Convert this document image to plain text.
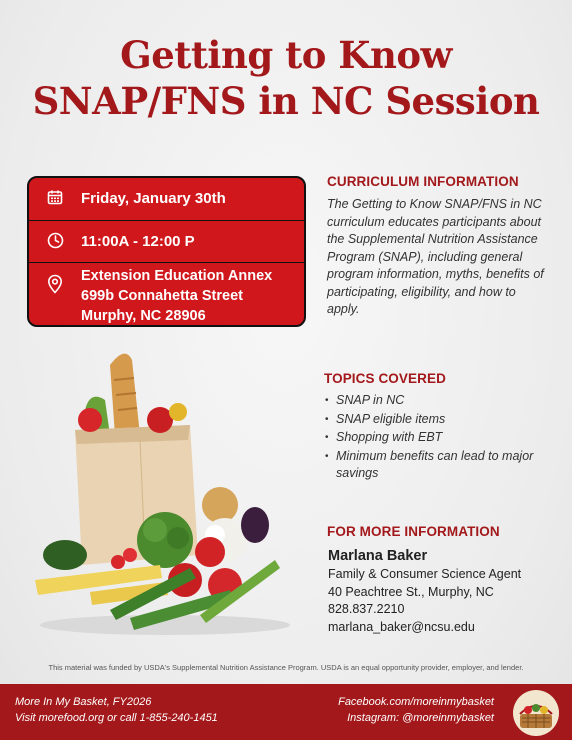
Getting to Know
SNAP/FNS in NC Session
Friday, January 30th
11:00A - 12:00 P
Extension Education Annex
699b Connahetta Street
Murphy, NC 28906
CURRICULUM INFORMATION

The Getting to Know SNAP/FNS in NC curriculum educates participants about the Supplemental Nutrition Assistance Program (SNAP), including general program information, myths, benefits of participating, eligibility, and how to apply.

TOPICS COVERED
• SNAP in NC
• SNAP eligible items
• Shopping with EBT
• Minimum benefits can lead to major savings
FOR MORE INFORMATION
Marlana Baker
Family & Consumer Science Agent
40 Peachtree St., Murphy, NC
828.837.2210
marlana_baker@ncsu.edu
This material was funded by USDA's Supplemental Nutrition Assistance Program. USDA is an equal opportunity provider, employer, and lender.
More In My Basket, FY2026
Visit morefood.org or call 1-855-240-1451
Facebook.com/moreinmybasket
Instagram: @moreinmybasket
